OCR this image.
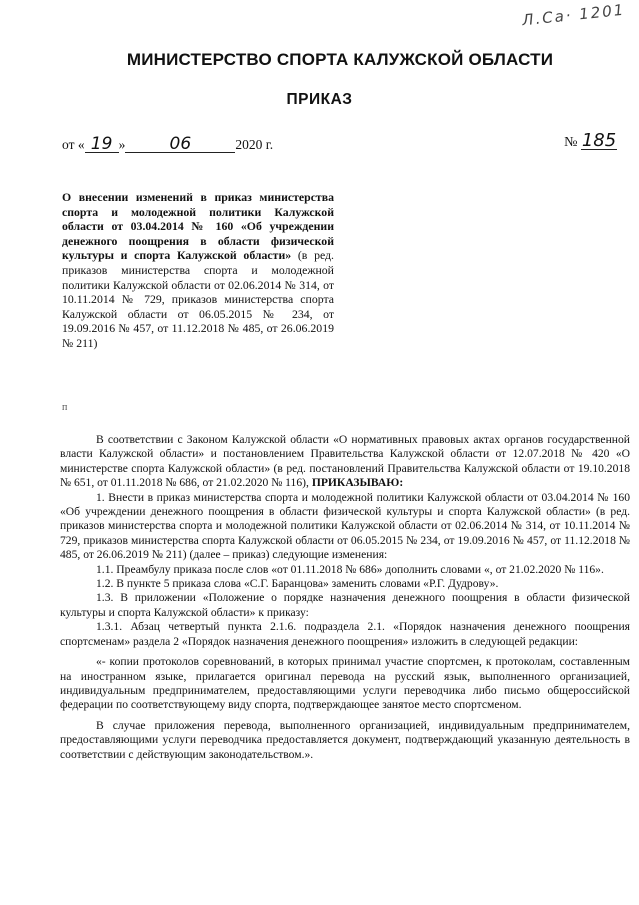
Л.Са· 1201
МИНИСТЕРСТВО СПОРТА КАЛУЖСКОЙ ОБЛАСТИ
ПРИКАЗ
от « 19 »	06	2020 г.	№ 185
О внесении изменений в приказ министерства спорта и молодежной политики Калужской области от 03.04.2014 № 160 «Об учреждении денежного поощрения в области физической культуры и спорта Калужской области» (в ред. приказов министерства спорта и молодежной политики Калужской области от 02.06.2014 № 314, от 10.11.2014 № 729, приказов министерства спорта Калужской области от 06.05.2015 № 234, от 19.09.2016 № 457, от 11.12.2018 № 485, от 26.06.2019 № 211)
п

В соответствии с Законом Калужской области «О нормативных правовых актах органов государственной власти Калужской области» и постановлением Правительства Калужской области от 12.07.2018 № 420 «О министерстве спорта Калужской области» (в ред. постановлений Правительства Калужской области от 19.10.2018 № 651, от 01.11.2018 № 686, от 21.02.2020 № 116), ПРИКАЗЫВАЮ:

1. Внести в приказ министерства спорта и молодежной политики Калужской области от 03.04.2014 № 160 «Об учреждении денежного поощрения в области физической культуры и спорта Калужской области» (в ред. приказов министерства спорта и молодежной политики Калужской области от 02.06.2014 № 314, от 10.11.2014 № 729, приказов министерства спорта Калужской области от 06.05.2015 № 234, от 19.09.2016 № 457, от 11.12.2018 № 485, от 26.06.2019 № 211) (далее – приказ) следующие изменения:

1.1. Преамбулу приказа после слов «от 01.11.2018 № 686» дополнить словами «, от 21.02.2020 № 116».

1.2. В пункте 5 приказа слова «С.Г. Баранцова» заменить словами «Р.Г. Дудрову».

1.3. В приложении «Положение о порядке назначения денежного поощрения в области физической культуры и спорта Калужской области» к приказу:

1.3.1. Абзац четвертый пункта 2.1.6. подраздела 2.1. «Порядок назначения денежного поощрения спортсменам» раздела 2 «Порядок назначения денежного поощрения» изложить в следующей редакции:

«- копии протоколов соревнований, в которых принимал участие спортсмен, к протоколам, составленным на иностранном языке, прилагается оригинал перевода на русский язык, выполненного организацией, индивидуальным предпринимателем, предоставляющими услуги переводчика либо письмо общероссийской федерации по соответствующему виду спорта, подтверждающее занятое место спортсменом.

В случае приложения перевода, выполненного организацией, индивидуальным предпринимателем, предоставляющими услуги переводчика предоставляется документ, подтверждающий указанную деятельность в соответствии с действующим законодательством.».
